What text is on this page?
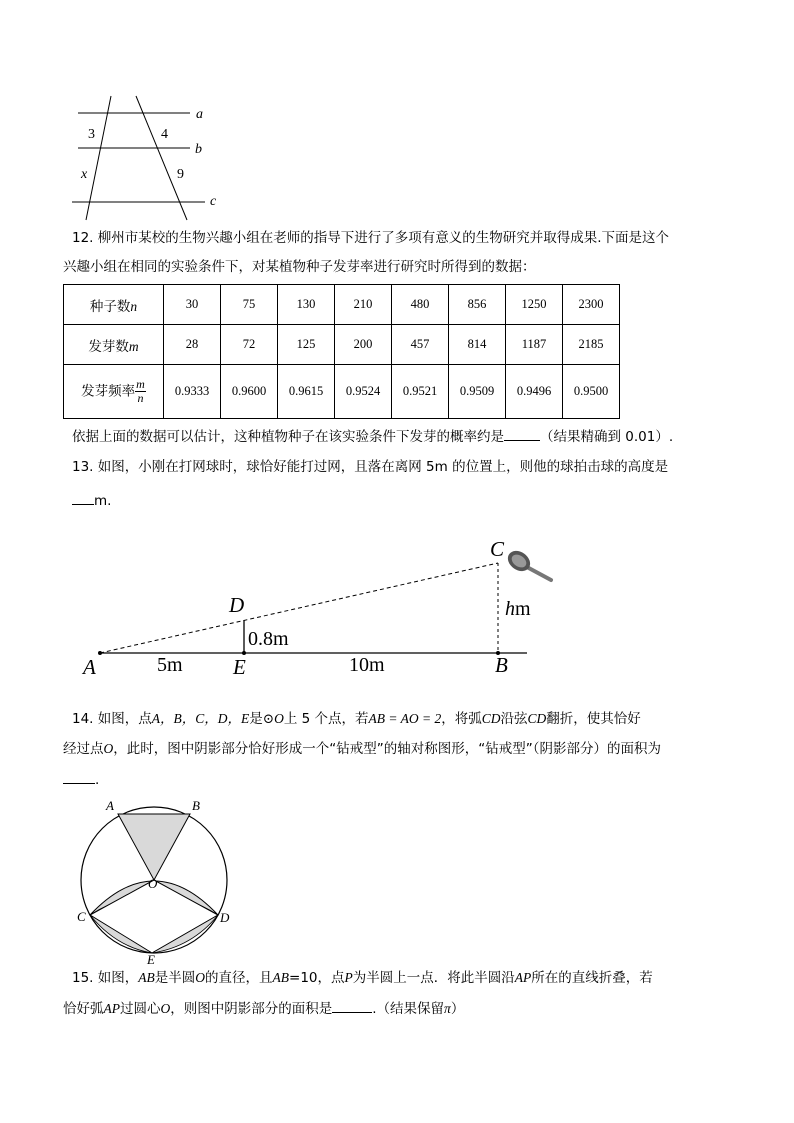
a
b
c
3	4
x	9
12. 柳州市某校的生物兴趣小组在老师的指导下进行了多项有意义的生物研究并取得成果.下面是这个
兴趣小组在相同的实验条件下，对某植物种子发芽率进行研究时所得到的数据：
种子数n	30	75	130	210	480	856	1250	2300
发芽数m	28	72	125	200	457	814	1187	2185
发芽频率 $\frac{m}{n}$	0.9333	0.9600	0.9615	0.9524	0.9521	0.9509	0.9496	0.9500
依据上面的数据可以估计，这种植物种子在该实验条件下发芽的概率约是	（结果精确到 0.01）.
13. 如图，小刚在打网球时，球恰好能打过网，且落在离网 5m 的位置上，则他的球拍击球的高度是
m.
A	E	B
D
C
0.8m
5m	10m
hm
14. 如图，点A，B，C，D，E是⊙O上 5 个点，若AB = AO = 2，将弧CD沿弦CD翻折，使其恰好
经过点O，此时，图中阴影部分恰好形成一个“钻戒型”的轴对称图形，“钻戒型”（阴影部分）的面积为
.
A	B
O
C	D
E
15. 如图，AB是半圆O的直径，且AB=10，点P为半圆上一点．将此半圆沿AP所在的直线折叠，若
恰好弧AP过圆心O，则图中阴影部分的面积是	.（结果保留π）
